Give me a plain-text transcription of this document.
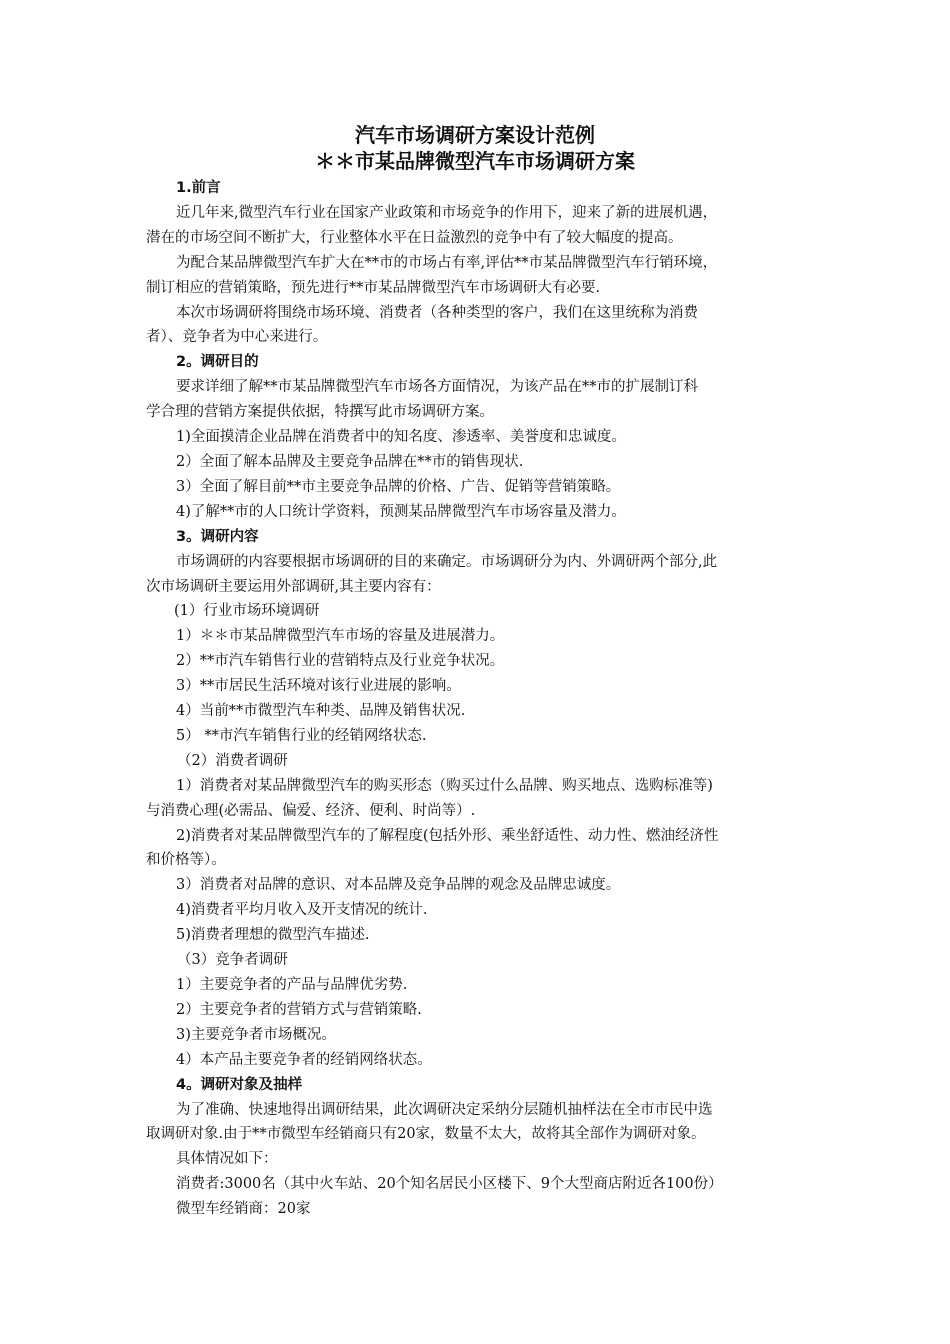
汽车市场调研方案设计范例

＊＊市某品牌微型汽车市场调研方案

1.前言

近几年来,微型汽车行业在国家产业政策和市场竞争的作用下，迎来了新的进展机遇，

潜在的市场空间不断扩大，行业整体水平在日益激烈的竞争中有了较大幅度的提高。

为配合某品牌微型汽车扩大在**市的市场占有率,评估**市某品牌微型汽车行销环境，

制订相应的营销策略，预先进行**市某品牌微型汽车市场调研大有必要.

本次市场调研将围绕市场环境、消费者（各种类型的客户，我们在这里统称为消费

者）、竞争者为中心来进行。

2。调研目的

要求详细了解**市某品牌微型汽车市场各方面情况，为该产品在**市的扩展制订科

学合理的营销方案提供依据，特撰写此市场调研方案。

1)全面摸清企业品牌在消费者中的知名度、渗透率、美誉度和忠诚度。

2）全面了解本品牌及主要竞争品牌在**市的销售现状.

3）全面了解目前**市主要竞争品牌的价格、广告、促销等营销策略。

4)了解**市的人口统计学资料，预测某品牌微型汽车市场容量及潜力。

3。调研内容

市场调研的内容要根据市场调研的目的来确定。市场调研分为内、外调研两个部分,此

次市场调研主要运用外部调研,其主要内容有：

(1）行业市场环境调研

1）＊＊市某品牌微型汽车市场的容量及进展潜力。

2）**市汽车销售行业的营销特点及行业竞争状况。

3）**市居民生活环境对该行业进展的影响。

4）当前**市微型汽车种类、品牌及销售状况.

5） **市汽车销售行业的经销网络状态.

（2）消费者调研

1）消费者对某品牌微型汽车的购买形态（购买过什么品牌、购买地点、选购标准等)

与消费心理(必需品、偏爱、经济、便利、时尚等）.

2)消费者对某品牌微型汽车的了解程度(包括外形、乘坐舒适性、动力性、燃油经济性

和价格等）。

3）消费者对品牌的意识、对本品牌及竞争品牌的观念及品牌忠诚度。

4)消费者平均月收入及开支情况的统计.

5)消费者理想的微型汽车描述.

（3）竞争者调研

1）主要竞争者的产品与品牌优劣势.

2）主要竞争者的营销方式与营销策略.

3)主要竞争者市场概况。

4）本产品主要竞争者的经销网络状态。

4。调研对象及抽样

为了准确、快速地得出调研结果，此次调研决定采纳分层随机抽样法在全市市民中选

取调研对象.由于**市微型车经销商只有20家，数量不太大，故将其全部作为调研对象。

具体情况如下：

消费者:3000名（其中火车站、20个知名居民小区楼下、9个大型商店附近各100份）

微型车经销商：20家
